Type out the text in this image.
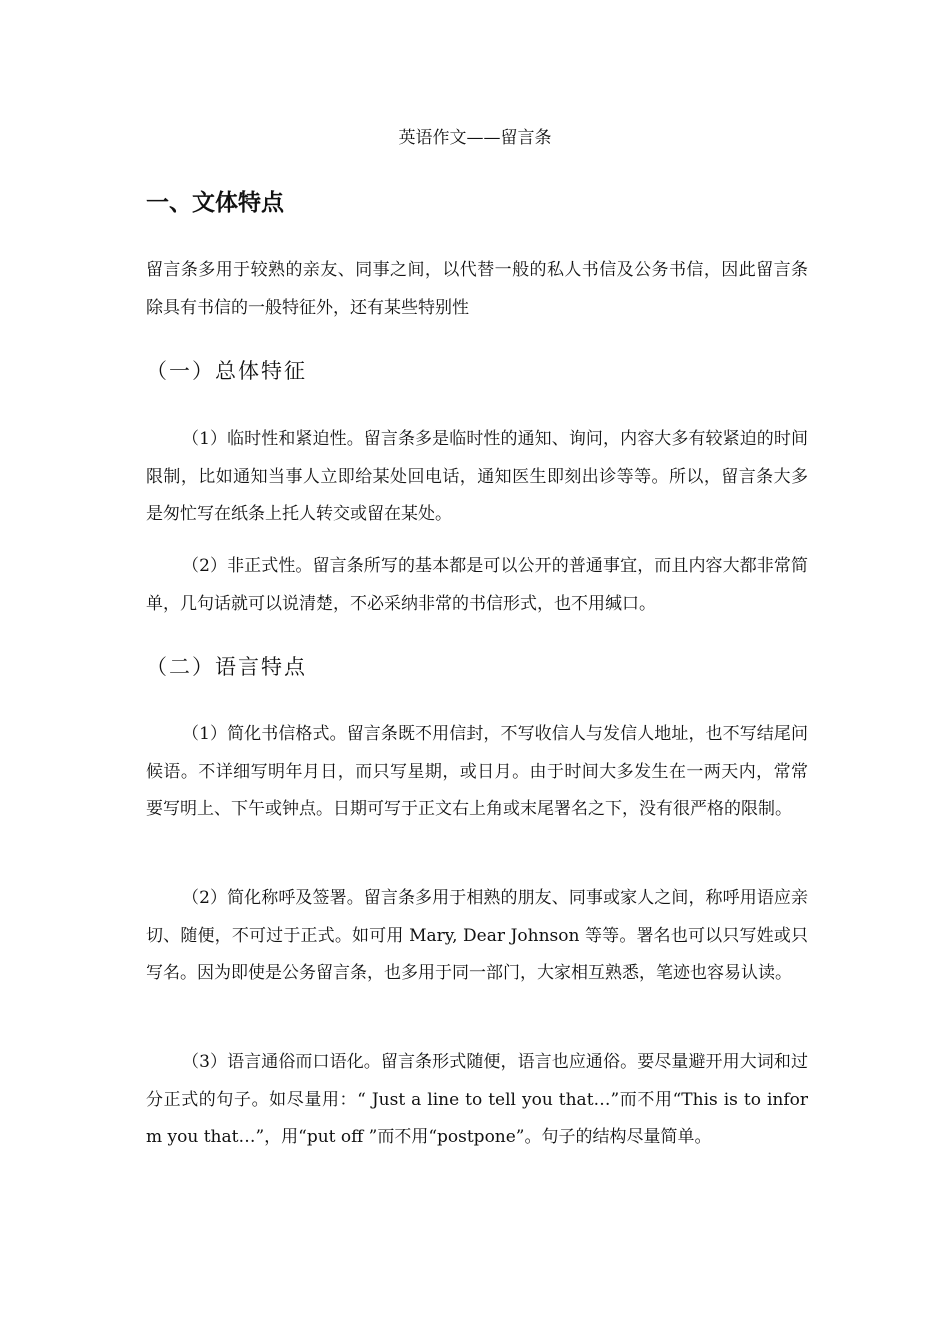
英语作文——留言条
一、文体特点
留言条多用于较熟的亲友、同事之间，以代替一般的私人书信及公务书信，因此留言条除具有书信的一般特征外，还有某些特别性
（一）总体特征
（1）临时性和紧迫性。留言条多是临时性的通知、询问，内容大多有较紧迫的时间限制，比如通知当事人立即给某处回电话，通知医生即刻出诊等等。所以，留言条大多是匆忙写在纸条上托人转交或留在某处。
（2）非正式性。留言条所写的基本都是可以公开的普通事宜，而且内容大都非常简单，几句话就可以说清楚，不必采纳非常的书信形式，也不用缄口。
（二）语言特点
（1）简化书信格式。留言条既不用信封，不写收信人与发信人地址，也不写结尾问候语。不详细写明年月日，而只写星期，或日月。由于时间大多发生在一两天内，常常要写明上、下午或钟点。日期可写于正文右上角或末尾署名之下，没有很严格的限制。
（2）简化称呼及签署。留言条多用于相熟的朋友、同事或家人之间，称呼用语应亲切、随便，不可过于正式。如可用 Mary, Dear Johnson 等等。署名也可以只写姓或只写名。因为即使是公务留言条，也多用于同一部门，大家相互熟悉，笔迹也容易认读。
（3）语言通俗而口语化。留言条形式随便，语言也应通俗。要尽量避开用大词和过分正式的句子。如尽量用：“ Just a line to tell you that…”而不用“This is to inform you that…”，用“put off ”而不用“postpone”。句子的结构尽量简单。
